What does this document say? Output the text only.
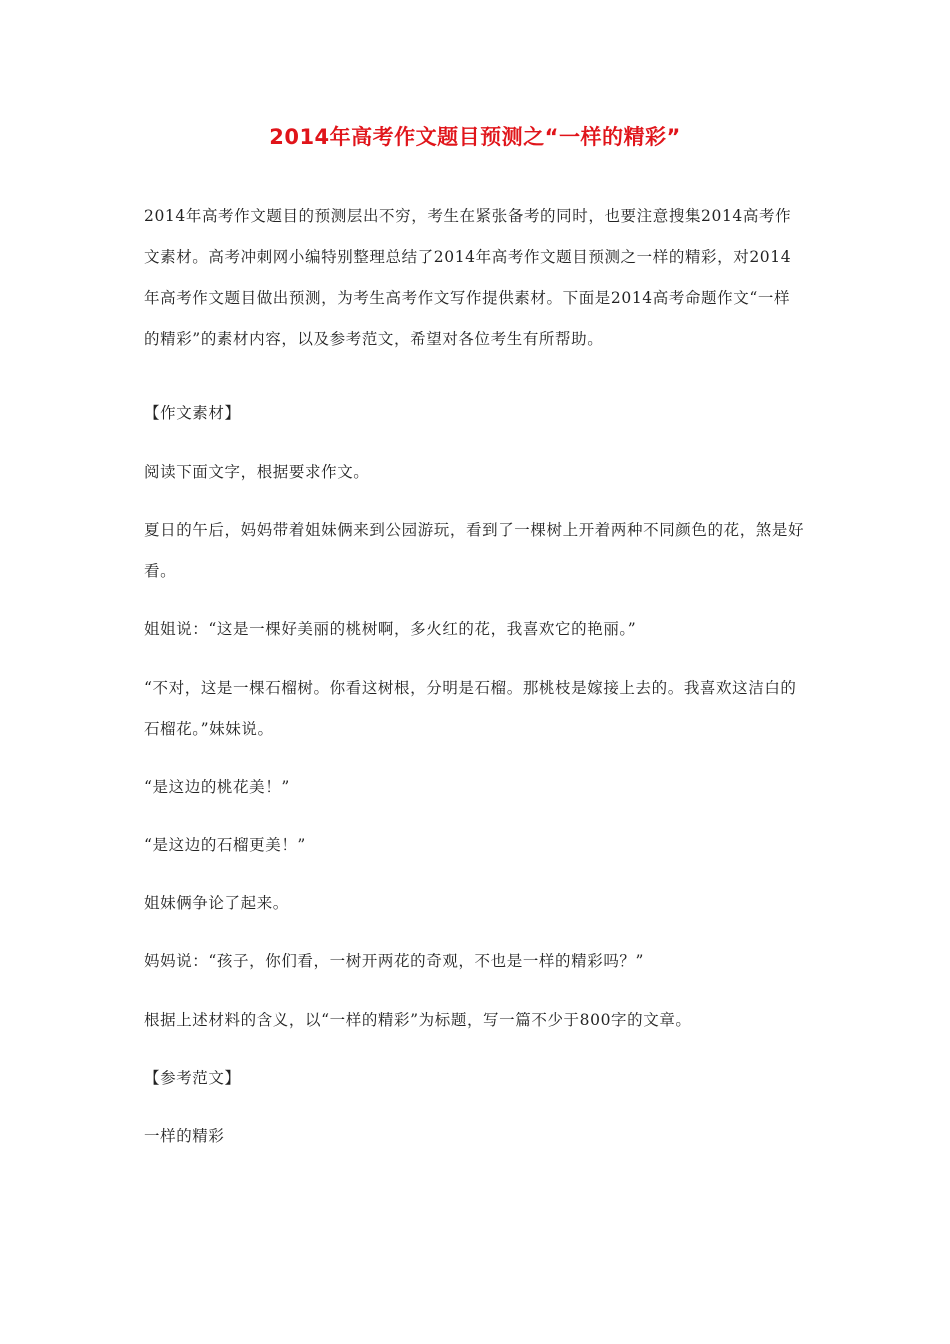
2014年高考作文题目预测之“一样的精彩”

2014年高考作文题目的预测层出不穷，考生在紧张备考的同时，也要注意搜集2014高考作文素材。高考冲刺网小编特别整理总结了2014年高考作文题目预测之一样的精彩，对2014年高考作文题目做出预测，为考生高考作文写作提供素材。下面是2014高考命题作文“一样的精彩”的素材内容，以及参考范文，希望对各位考生有所帮助。

【作文素材】

阅读下面文字，根据要求作文。

夏日的午后，妈妈带着姐妹俩来到公园游玩，看到了一棵树上开着两种不同颜色的花，煞是好看。

姐姐说：“这是一棵好美丽的桃树啊，多火红的花，我喜欢它的艳丽。”

“不对，这是一棵石榴树。你看这树根，分明是石榴。那桃枝是嫁接上去的。我喜欢这洁白的石榴花。”妹妹说。

“是这边的桃花美！”

“是这边的石榴更美！”

姐妹俩争论了起来。

妈妈说：“孩子，你们看，一树开两花的奇观，不也是一样的精彩吗？”

根据上述材料的含义，以“一样的精彩”为标题，写一篇不少于800字的文章。

【参考范文】

一样的精彩
